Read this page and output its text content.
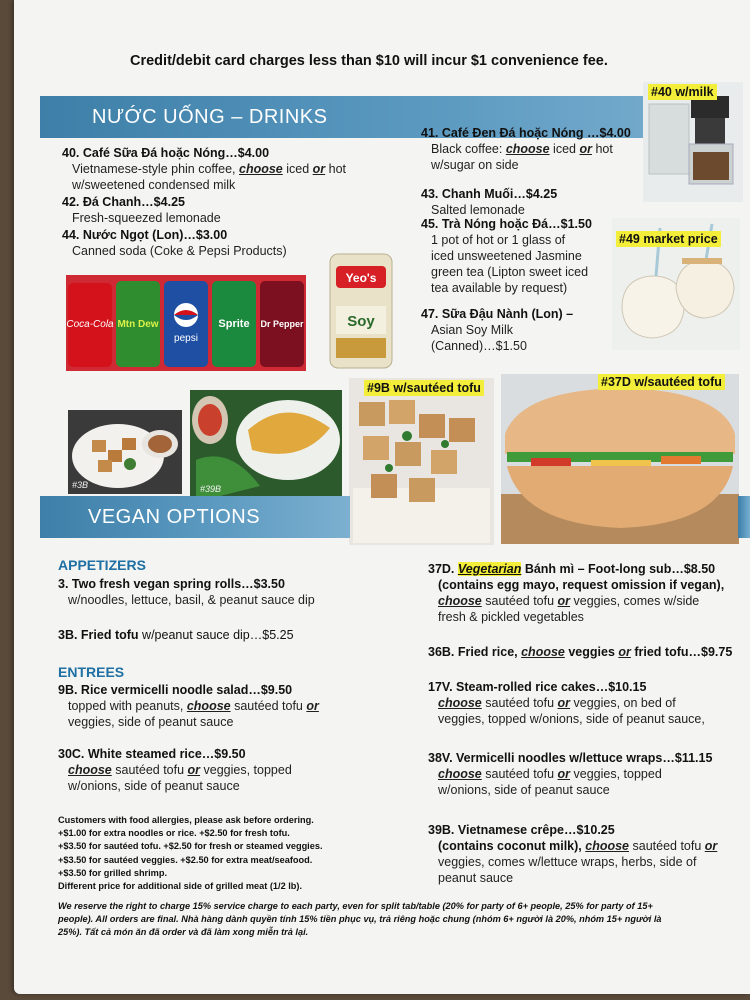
Credit/debit card charges less than $10 will incur $1 convenience fee.
NƯỚC UỐNG – DRINKS
#40 w/milk
#49 market price
40. Café Sữa Đá hoặc Nóng…$4.00
Vietnamese-style phin coffee, choose iced or hot
w/sweetened condensed milk
42. Đá Chanh…$4.25
Fresh-squeezed lemonade
44. Nước Ngọt (Lon)…$3.00
Canned soda (Coke & Pepsi Products)
Coca-Cola Mtn Dew
pepsi
Sprite Dr Pepper
Yeo's
Soy
41. Café Đen Đá hoặc Nóng …$4.00
Black coffee: choose iced or hot
w/sugar on side
43. Chanh Muối…$4.25
Salted lemonade
45. Trà Nóng hoặc Đá…$1.50
1 pot of hot or 1 glass of
iced unsweetened Jasmine
green tea (Lipton sweet iced
tea available by request)
47. Sữa Đậu Nành (Lon) –
Asian Soy Milk
(Canned)…$1.50
#3B	#39B
#9B w/sautéed tofu	#37D w/sautéed tofu
VEGAN OPTIONS
APPETIZERS
3. Two fresh vegan spring rolls…$3.50
w/noodles, lettuce, basil, & peanut sauce dip
3B. Fried tofu w/peanut sauce dip…$5.25
ENTREES
9B. Rice vermicelli noodle salad…$9.50
topped with peanuts, choose sautéed tofu or
veggies, side of peanut sauce
30C. White steamed rice…$9.50
choose sautéed tofu or veggies, topped
w/onions, side of peanut sauce
Customers with food allergies, please ask before ordering.
+$1.00 for extra noodles or rice. +$2.50 for fresh tofu.
+$3.50 for sautéed tofu. +$2.50 for fresh or steamed veggies.
+$3.50 for sautéed veggies. +$2.50 for extra meat/seafood.
+$3.50 for grilled shrimp.
Different price for additional side of grilled meat (1/2 lb).
37D. Vegetarian Bánh mì – Foot-long sub…$8.50
(contains egg mayo, request omission if vegan),
choose sautéed tofu or veggies, comes w/side
fresh & pickled vegetables
36B. Fried rice, choose veggies or fried tofu…$9.75
17V. Steam-rolled rice cakes…$10.15
choose sautéed tofu or veggies, on bed of
veggies, topped w/onions, side of peanut sauce,
38V. Vermicelli noodles w/lettuce wraps…$11.15
choose sautéed tofu or veggies, topped
w/onions, side of peanut sauce
39B. Vietnamese crêpe…$10.25
(contains coconut milk), choose sautéed tofu or
veggies, comes w/lettuce wraps, herbs, side of
peanut sauce
We reserve the right to charge 15% service charge to each party, even for split tab/table (20% for party of 6+ people, 25% for party of 15+
people). All orders are final. Nhà hàng dành quyền tính 15% tiền phục vụ, trả riêng hoặc chung (nhóm 6+ người là 20%, nhóm 15+ người là
25%). Tất cả món ăn đã order và đã làm xong miễn trả lại.
